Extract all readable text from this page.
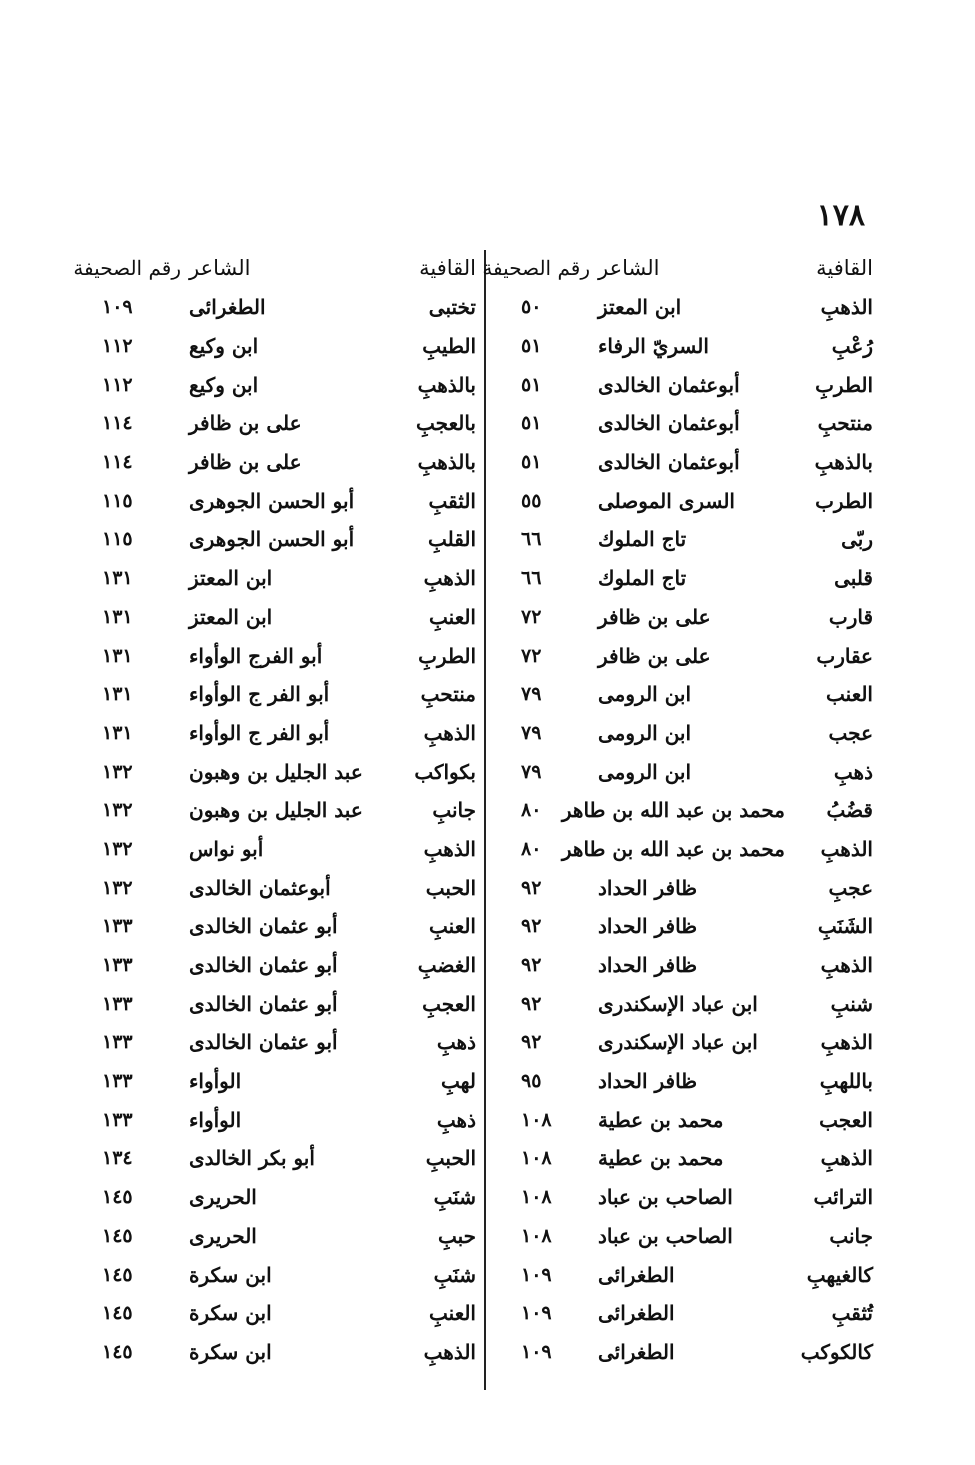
١٧٨
القافية
الشاعر
رقم الصحيفة
الذهبِ
ابن المعتز
٥٠
رُعْبِ
السريّ الرفاء
٥١
الطربِ
أبوعثمان الخالدى
٥١
منتحبِ
أبوعثمان الخالدى
٥١
بالذهبِ
أبوعثمان الخالدى
٥١
الطرب
السرى الموصلى
٥٥
ربّى
تاج الملوك
٦٦
قلبى
تاج الملوك
٦٦
قارب
على بن ظافر
٧٢
عقارب
على بن ظافر
٧٢
العنب
ابن الرومى
٧٩
عجب
ابن الرومى
٧٩
ذهبِ
ابن الرومى
٧٩
قضُبُ
محمد بن عبد الله بن طاهر
٨٠
الذهبِ
محمد بن عبد الله بن طاهر
٨٠
عجبِ
ظافر الحداد
٩٢
الشَنَبِ
ظافر الحداد
٩٢
الذهبِ
ظافر الحداد
٩٢
شنبِ
ابن عباد الإسكندرى
٩٢
الذهبِ
ابن عباد الإسكندرى
٩٢
باللهبِ
ظافر الحداد
٩٥
العجب
محمد بن عطية
١٠٨
الذهبِ
محمد بن عطية
١٠٨
الترائب
الصاحب بن عباد
١٠٨
جانب
الصاحب بن عباد
١٠٨
كالغيهبِ
الطغرائى
١٠٩
تُثقبِ
الطغرائى
١٠٩
كالكوكب
الطغرائى
١٠٩
القافية
الشاعر
رقم الصحيفة
تختبى
الطغرائى
١٠٩
الطيبِ
ابن وكيع
١١٢
بالذهبِ
ابن وكيع
١١٢
بالعجبِ
على بن ظافر
١١٤
بالذهبِ
على بن ظافر
١١٤
الثقبِ
أبو الحسن الجوهرى
١١٥
القلبِ
أبو الحسن الجوهرى
١١٥
الذهبِ
ابن المعتز
١٣١
العنبِ
ابن المعتز
١٣١
الطربِ
أبو الفرج الوأواء
١٣١
منتحبِ
أبو الفر ج الوأواء
١٣١
الذهبِ
أبو الفر ج الوأواء
١٣١
بكواكب
عبد الجليل بن وهبون
١٣٢
جانبِ
عبد الجليل بن وهبون
١٣٢
الذهبِ
أبو نواس
١٣٢
الحبب
أبوعثمان الخالدى
١٣٢
العنبِ
أبو عثمان الخالدى
١٣٣
الغضبِ
أبو عثمان الخالدى
١٣٣
العجبِ
أبو عثمان الخالدى
١٣٣
ذهبِ
أبو عثمان الخالدى
١٣٣
لهبِ
الوأواء
١٣٣
ذهبِ
الوأواء
١٣٣
الحببِ
أبو بكر الخالدى
١٣٤
شنَبِ
الحريرى
١٤٥
حببِ
الحريرى
١٤٥
شنَبِ
ابن سكرة
١٤٥
العنبِ
ابن سكرة
١٤٥
الذهبِ
ابن سكرة
١٤٥
